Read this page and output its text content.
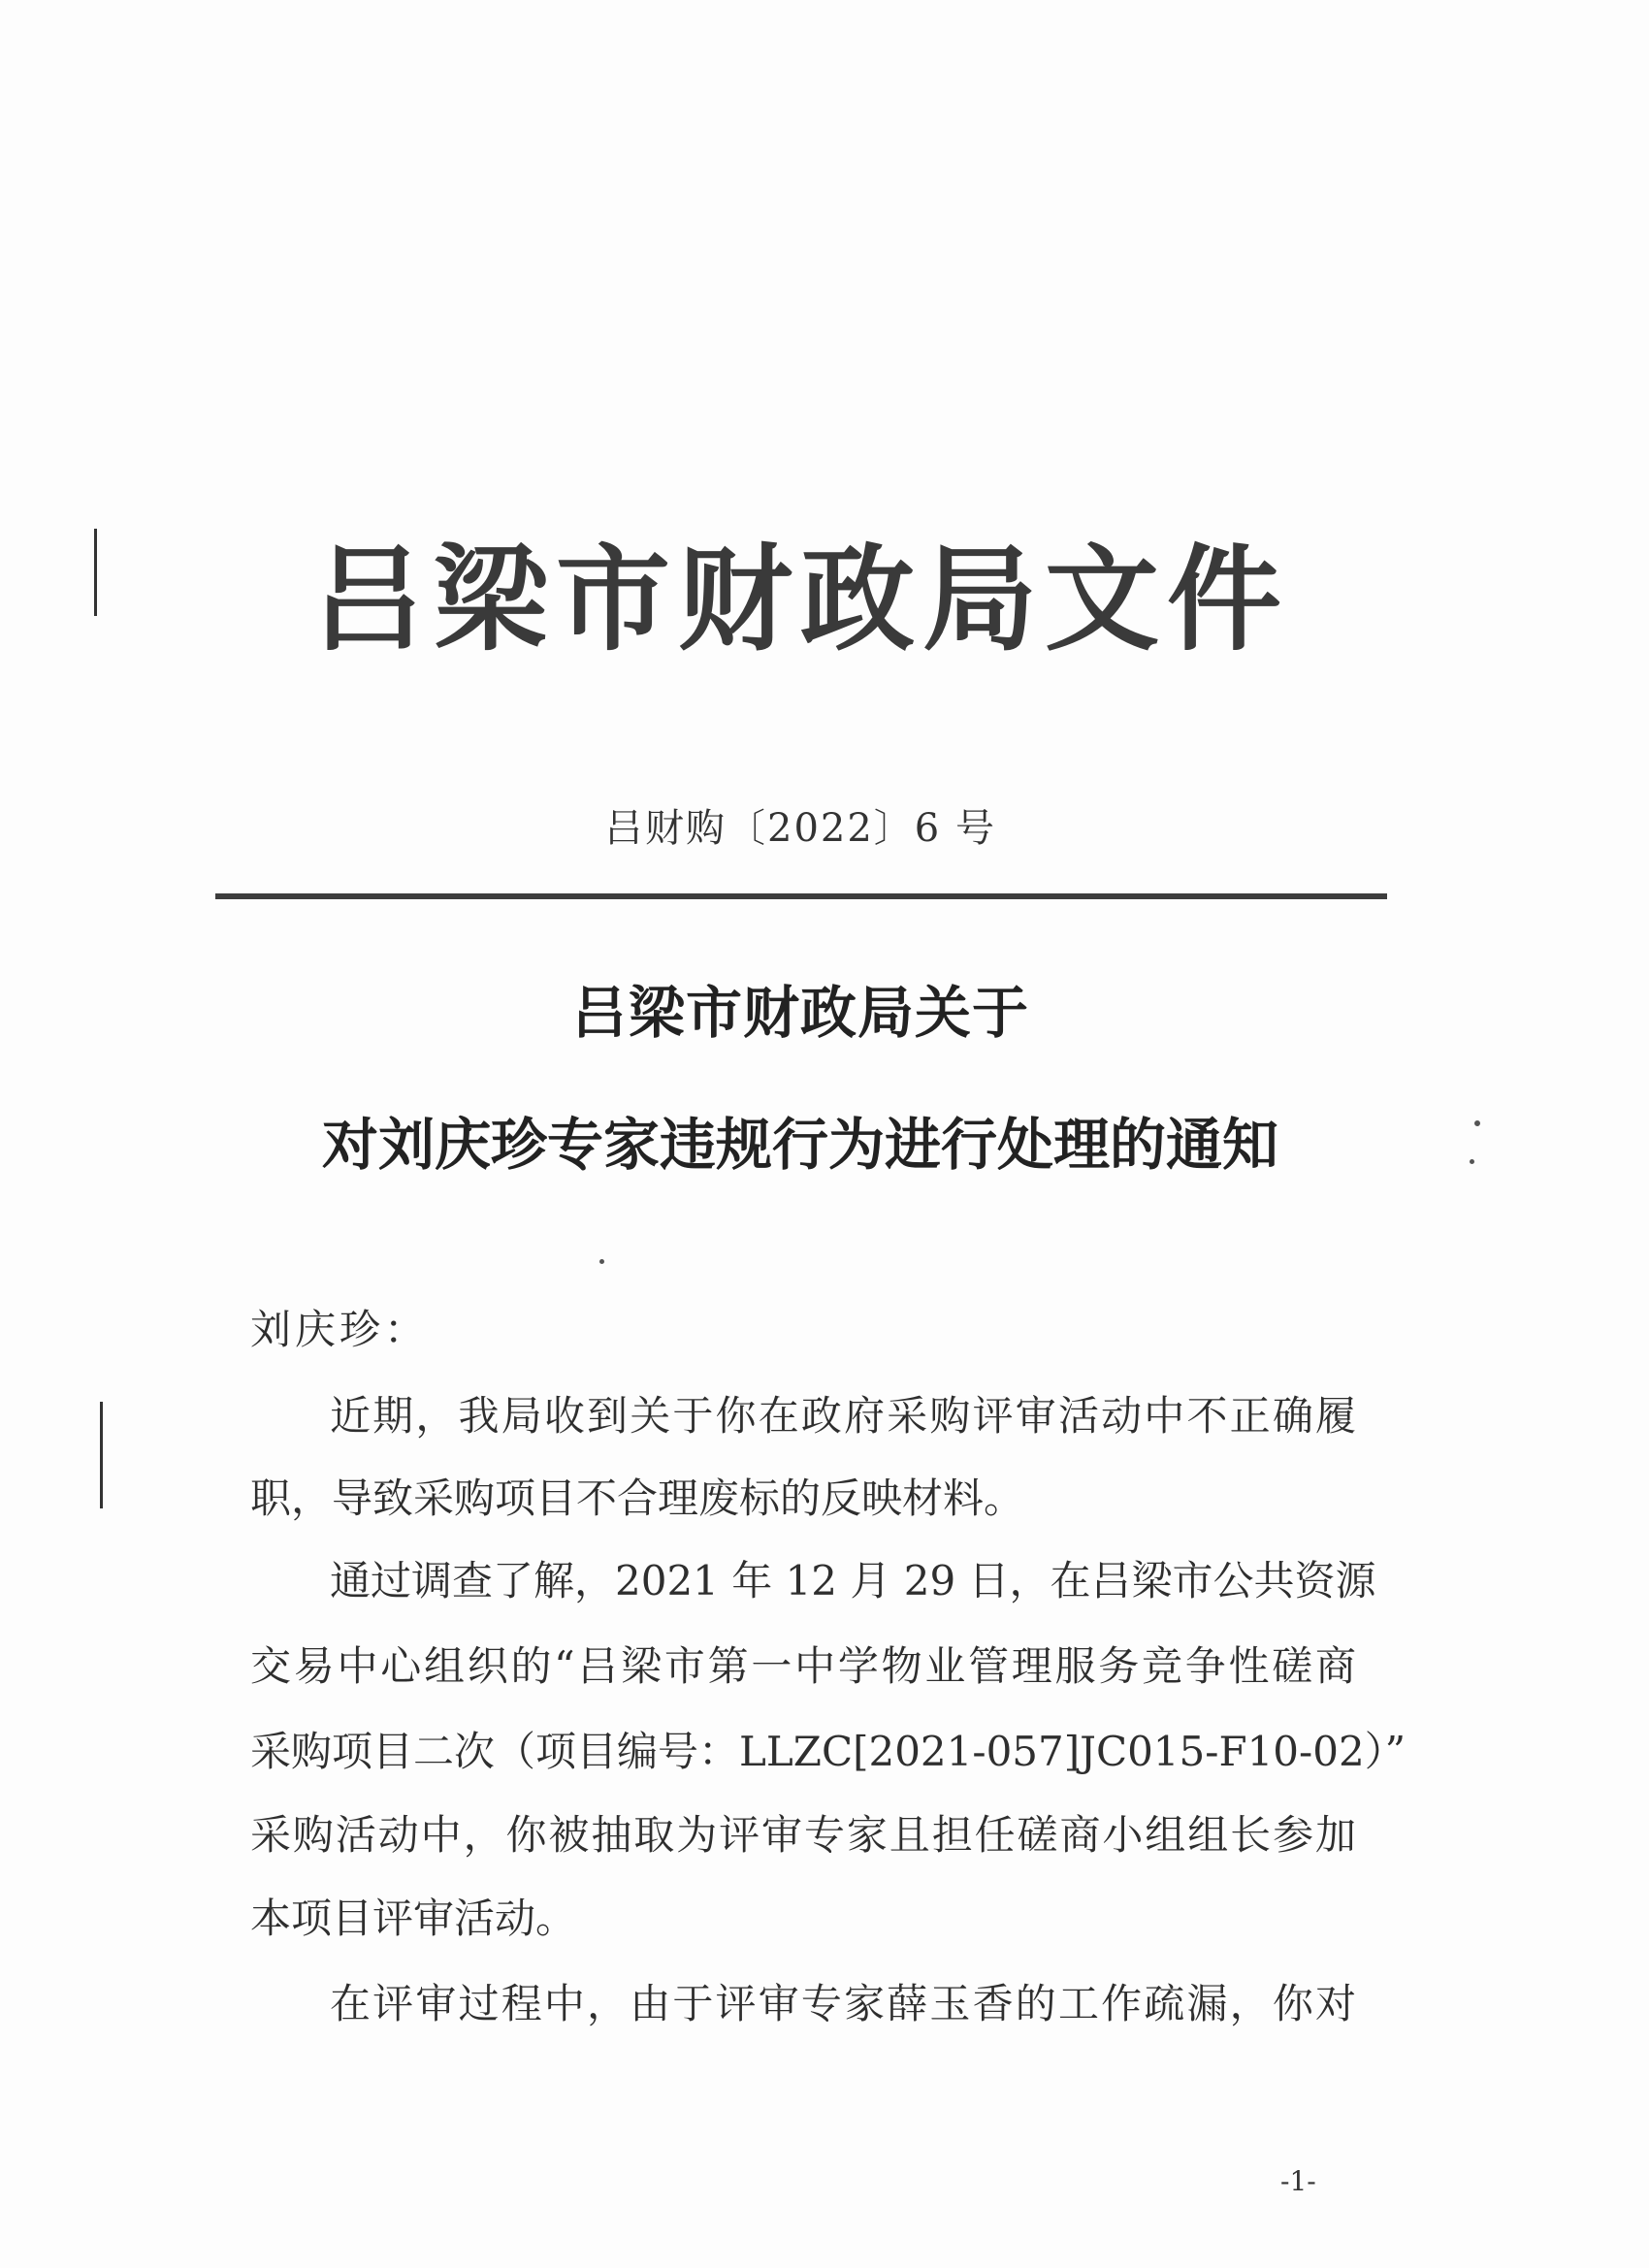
吕梁市财政局文件
吕财购〔2022〕6 号
吕梁市财政局关于
对刘庆珍专家违规行为进行处理的通知
刘庆珍：
近期，我局收到关于你在政府采购评审活动中不正确履
职，导致采购项目不合理废标的反映材料。
通过调查了解，2021 年 12 月 29 日，在吕梁市公共资源
交易中心组织的“吕梁市第一中学物业管理服务竞争性磋商
采购项目二次（项目编号：LLZC[2021-057]JC015-F10-02）”
采购活动中，你被抽取为评审专家且担任磋商小组组长参加
本项目评审活动。
在评审过程中，由于评审专家薛玉香的工作疏漏，你对
-1-
